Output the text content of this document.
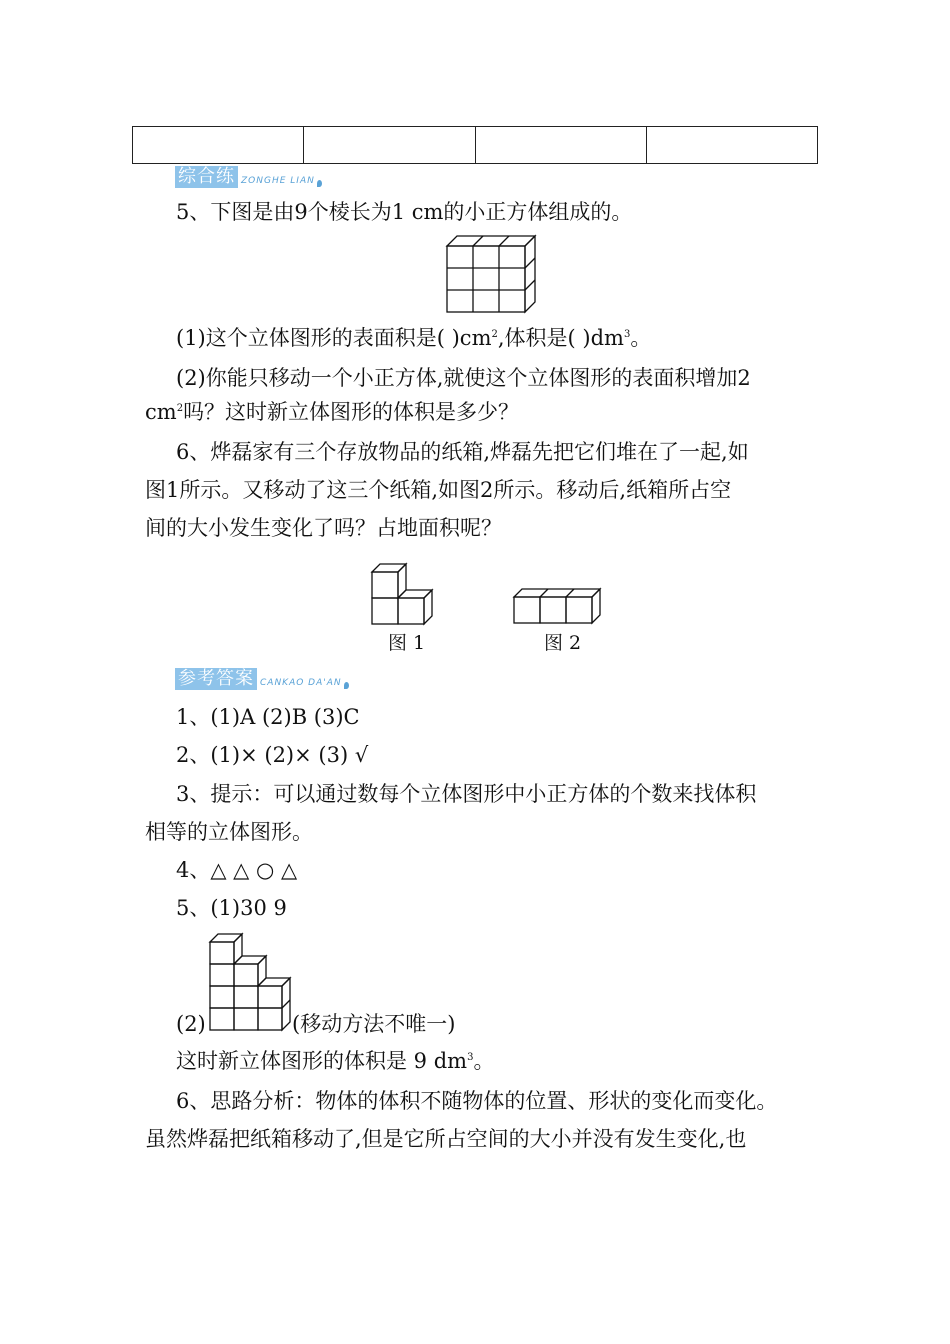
综合练 ZONGHE LIAN
5、下图是由9个棱长为1 cm的小正方体组成的。
(1)这个立体图形的表面积是( )$cm^2$,体积是( )$dm^3$。
(2)你能只移动一个小正方体,就使这个立体图形的表面积增加2
$cm^2$吗？这时新立体图形的体积是多少？
6、烨磊家有三个存放物品的纸箱,烨磊先把它们堆在了一起,如
图1所示。又移动了这三个纸箱,如图2所示。移动后,纸箱所占空
间的大小发生变化了吗？占地面积呢？
图 1	图 2
参考答案 CANKAO DA'AN
1、(1)A (2)B (3)C
2、(1)× (2)× (3) √
3、提示：可以通过数每个立体图形中小正方体的个数来找体积
相等的立体图形。
4、△ △ ○ △
5、(1)30 9
(2)	(移动方法不唯一)
这时新立体图形的体积是 9 $dm^3$。
6、思路分析：物体的体积不随物体的位置、形状的变化而变化。
虽然烨磊把纸箱移动了,但是它所占空间的大小并没有发生变化,也
